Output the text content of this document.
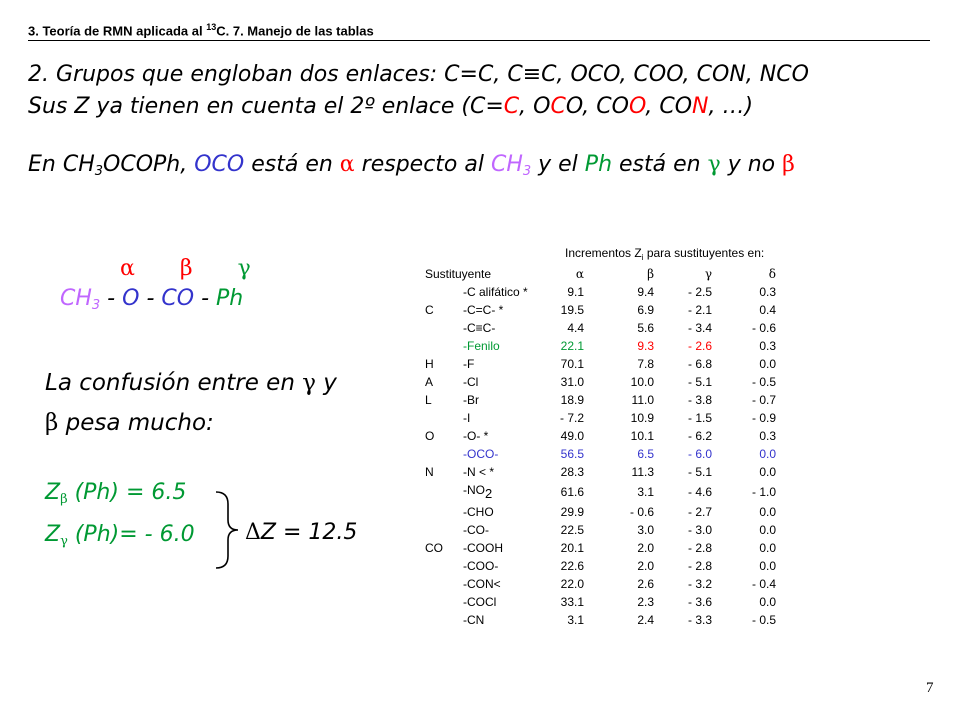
3. Teoría de RMN aplicada al $^{13}$C. 7. Manejo de las tablas
2. Grupos que engloban dos enlaces: C=C, C≡C, OCO, COO, CON, NCO
Sus Z ya tienen en cuenta el 2º enlace (C=C, OCO, COO, CON, …)
En $CH_3OCOPh$, OCO está en α respecto al $CH_3$ y el Ph está en γ y no β
α β γ
$CH_3$ - O - CO - Ph
La confusión entre en γ y
β pesa mucho:
$Z_\beta$ (Ph) = 6.5
$Z_\gamma$ (Ph)= - 6.0 ΔZ = 12.5
Incrementos $Z_i$ para sustituyentes en:
Sustituyente		α	β	γ	δ
	-C alifático *	9.1	9.4	- 2.5	0.3
C	-C=C- *	19.5	6.9	- 2.1	0.4
	-C≡C-	4.4	5.6	- 3.4	- 0.6
	-Fenilo	22.1	9.3	- 2.6	0.3
H	-F	70.1	7.8	- 6.8	0.0
A	-Cl	31.0	10.0	- 5.1	- 0.5
L	-Br	18.9	11.0	- 3.8	- 0.7
	-I	- 7.2	10.9	- 1.5	- 0.9
O	-O- *	49.0	10.1	- 6.2	0.3
	-OCO-	56.5	6.5	- 6.0	0.0
N	-N < *	28.3	11.3	- 5.1	0.0
	$-NO_2$	61.6	3.1	- 4.6	- 1.0
	-CHO	29.9	- 0.6	- 2.7	0.0
	-CO-	22.5	3.0	- 3.0	0.0
CO	-COOH	20.1	2.0	- 2.8	0.0
	-COO-	22.6	2.0	- 2.8	0.0
	-CON<	22.0	2.6	- 3.2	- 0.4
	-COCl	33.1	2.3	- 3.6	0.0
	-CN	3.1	2.4	- 3.3	- 0.5
7
